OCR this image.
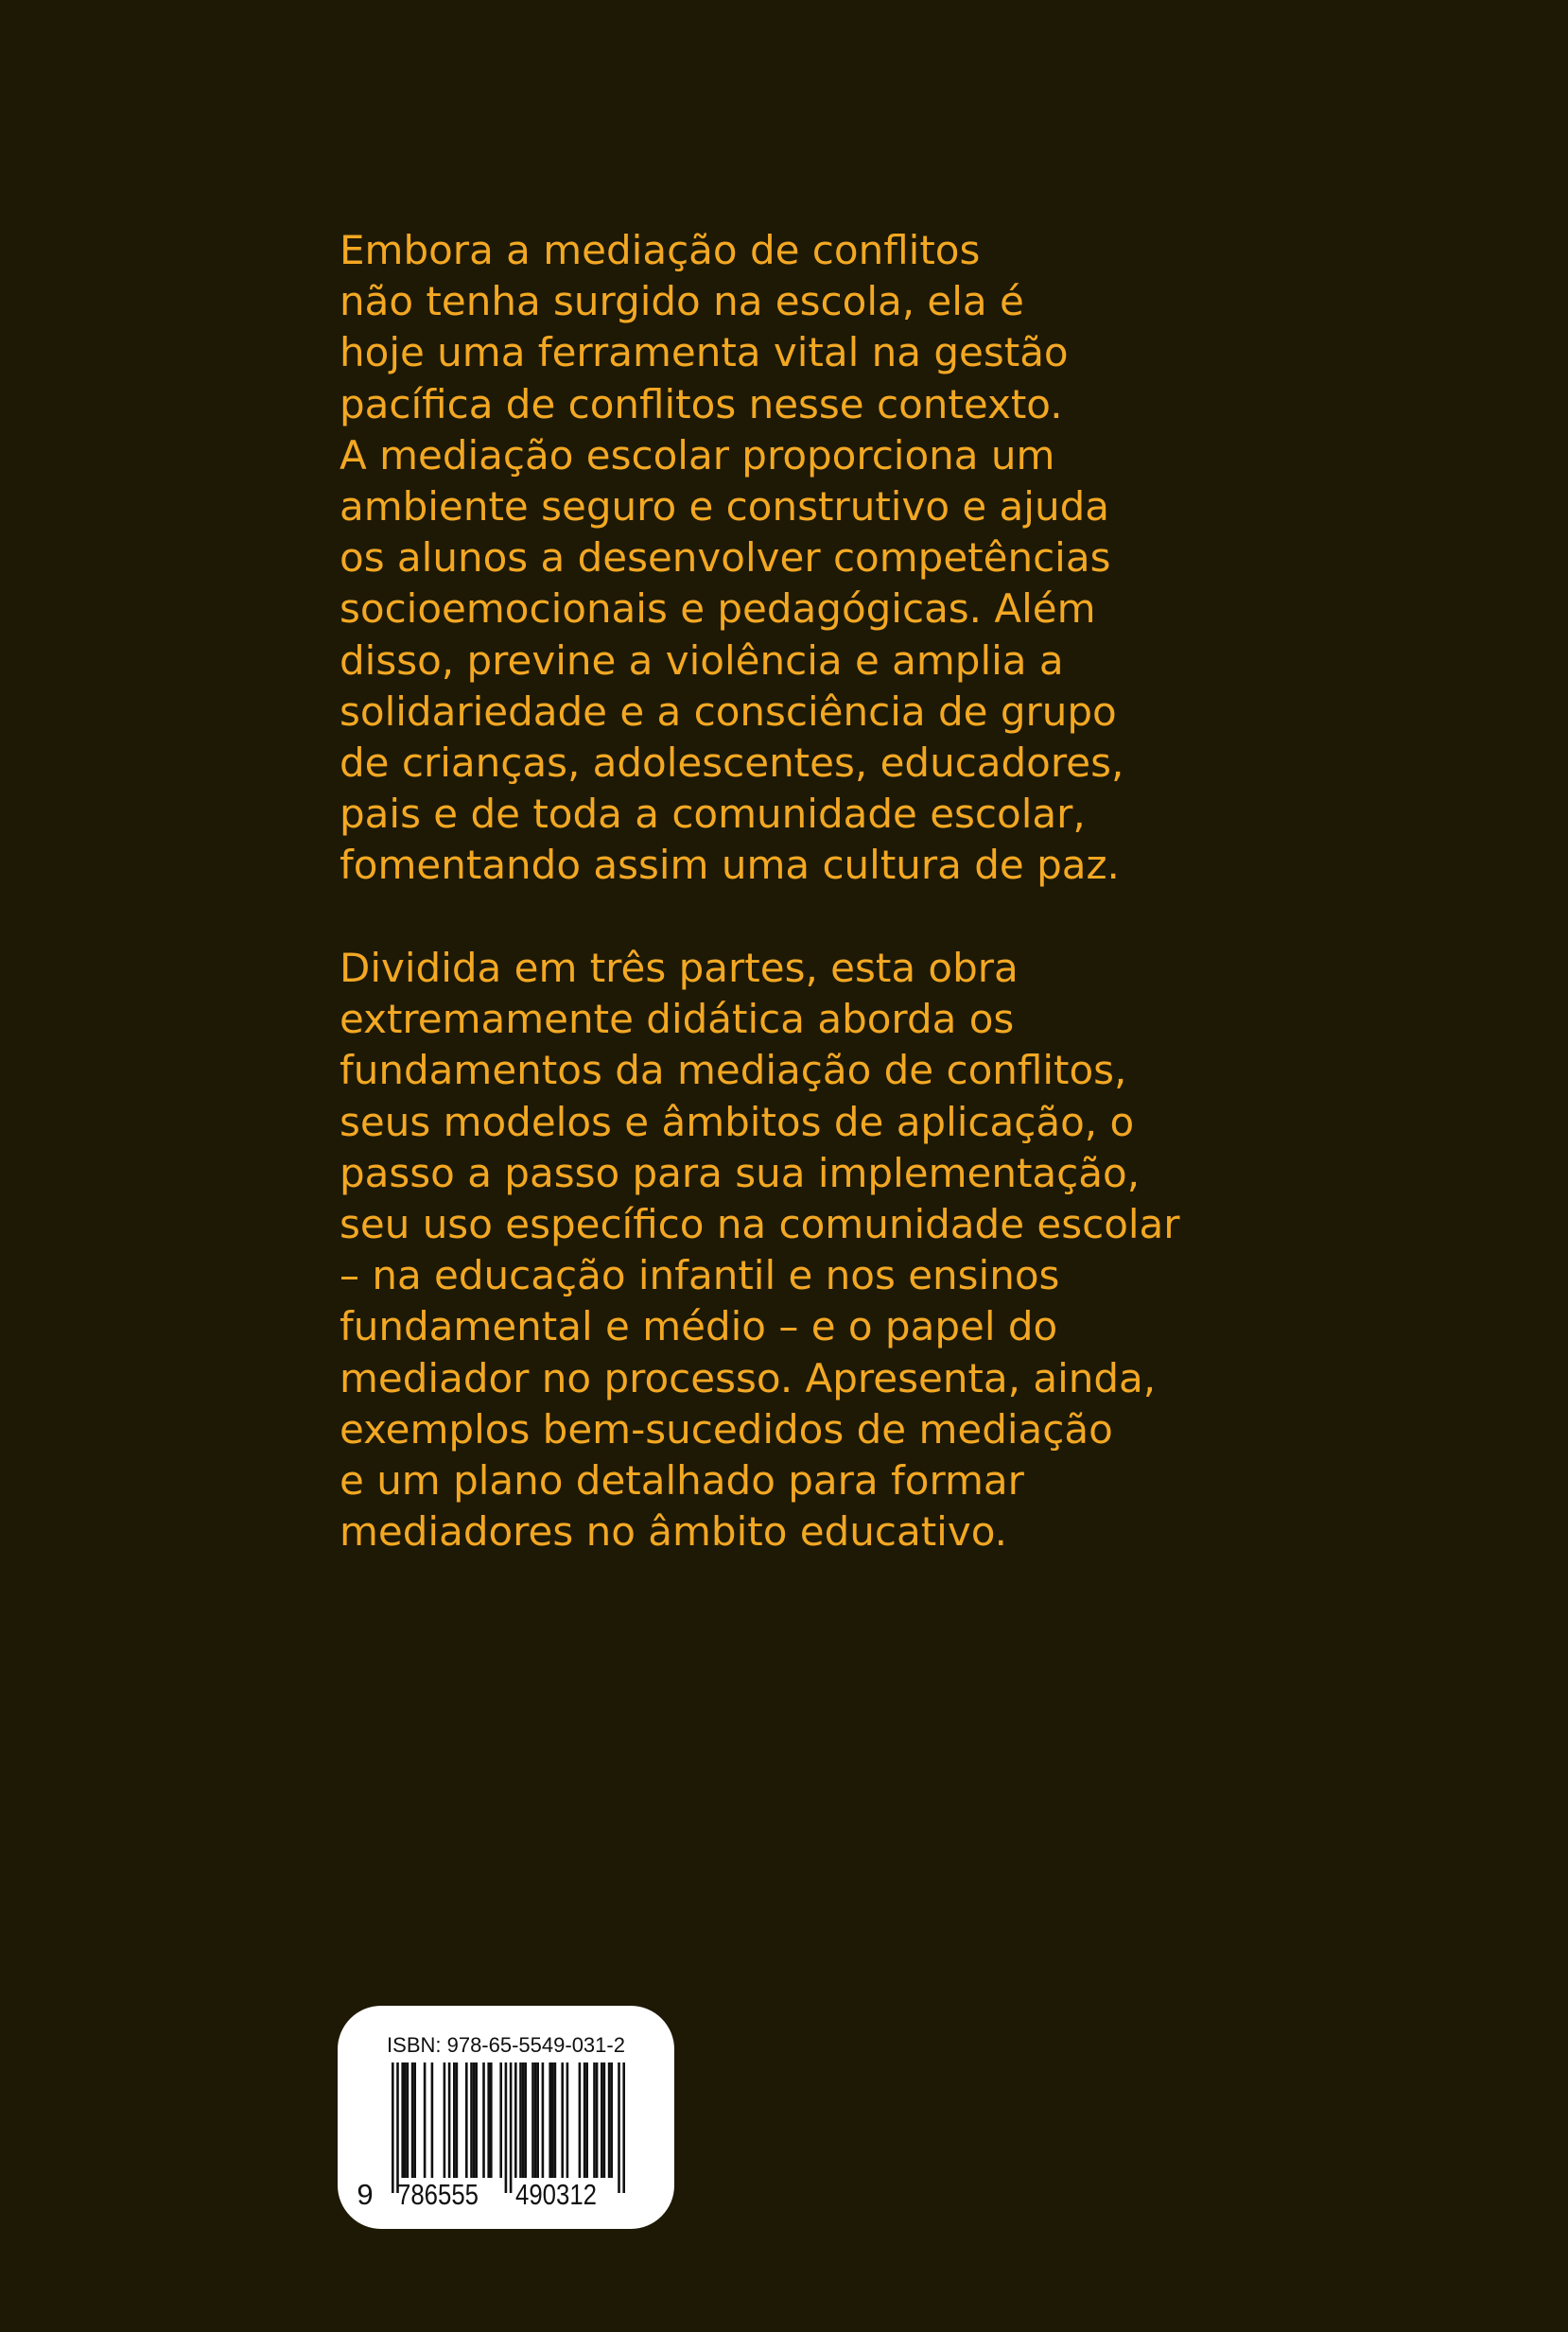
Embora a mediação de conflitos
não tenha surgido na escola, ela é
hoje uma ferramenta vital na gestão
pacífica de conflitos nesse contexto.
A mediação escolar proporciona um
ambiente seguro e construtivo e ajuda
os alunos a desenvolver competências
socioemocionais e pedagógicas. Além
disso, previne a violência e amplia a
solidariedade e a consciência de grupo
de crianças, adolescentes, educadores,
pais e de toda a comunidade escolar,
fomentando assim uma cultura de paz.
Dividida em três partes, esta obra
extremamente didática aborda os
fundamentos da mediação de conflitos,
seus modelos e âmbitos de aplicação, o
passo a passo para sua implementação,
seu uso específico na comunidade escolar
– na educação infantil e nos ensinos
fundamental e médio – e o papel do
mediador no processo. Apresenta, ainda,
exemplos bem-sucedidos de mediação
e um plano detalhado para formar
mediadores no âmbito educativo.
ISBN: 978-65-5549-031-2
9 786555 490312
